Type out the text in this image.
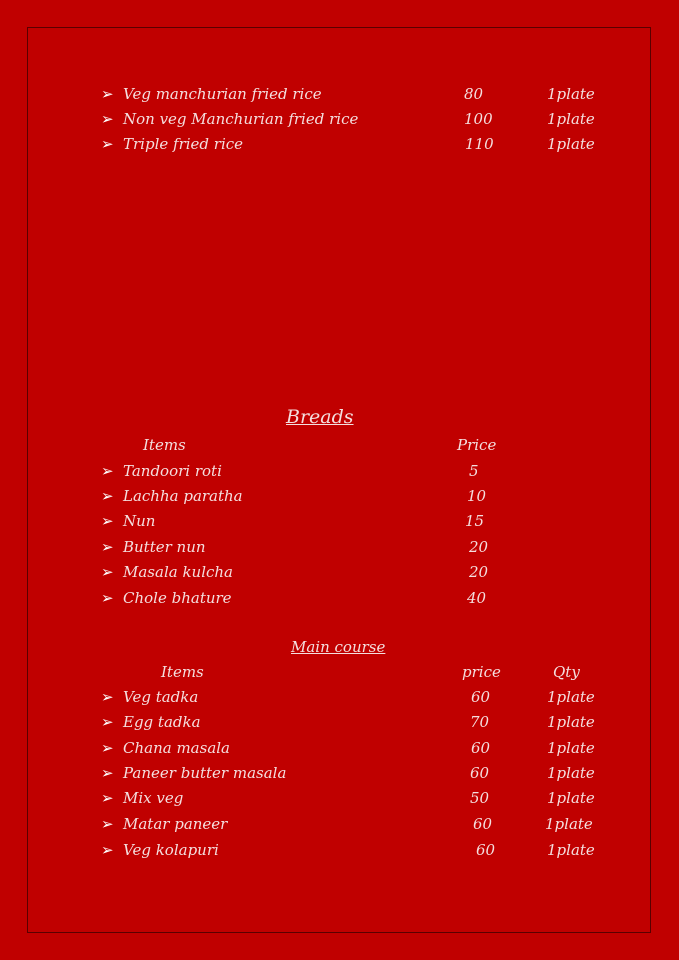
➢ Veg manchurian fried rice	80	1plate
➢ Non veg Manchurian fried rice	100	1plate
➢ Triple fried rice	110	1plate
Breads
Items	Price
➢ Tandoori roti	5
➢ Lachha paratha	10
➢ Nun	15
➢ Butter nun	20
➢ Masala kulcha	20
➢ Chole bhature	40
Main course
Items	price	Qty
➢ Veg tadka	60	1plate
➢ Egg tadka	70	1plate
➢ Chana masala	60	1plate
➢ Paneer butter masala	60	1plate
➢ Mix veg	50	1plate
➢ Matar paneer	60	1plate
➢ Veg kolapuri	60	1plate
